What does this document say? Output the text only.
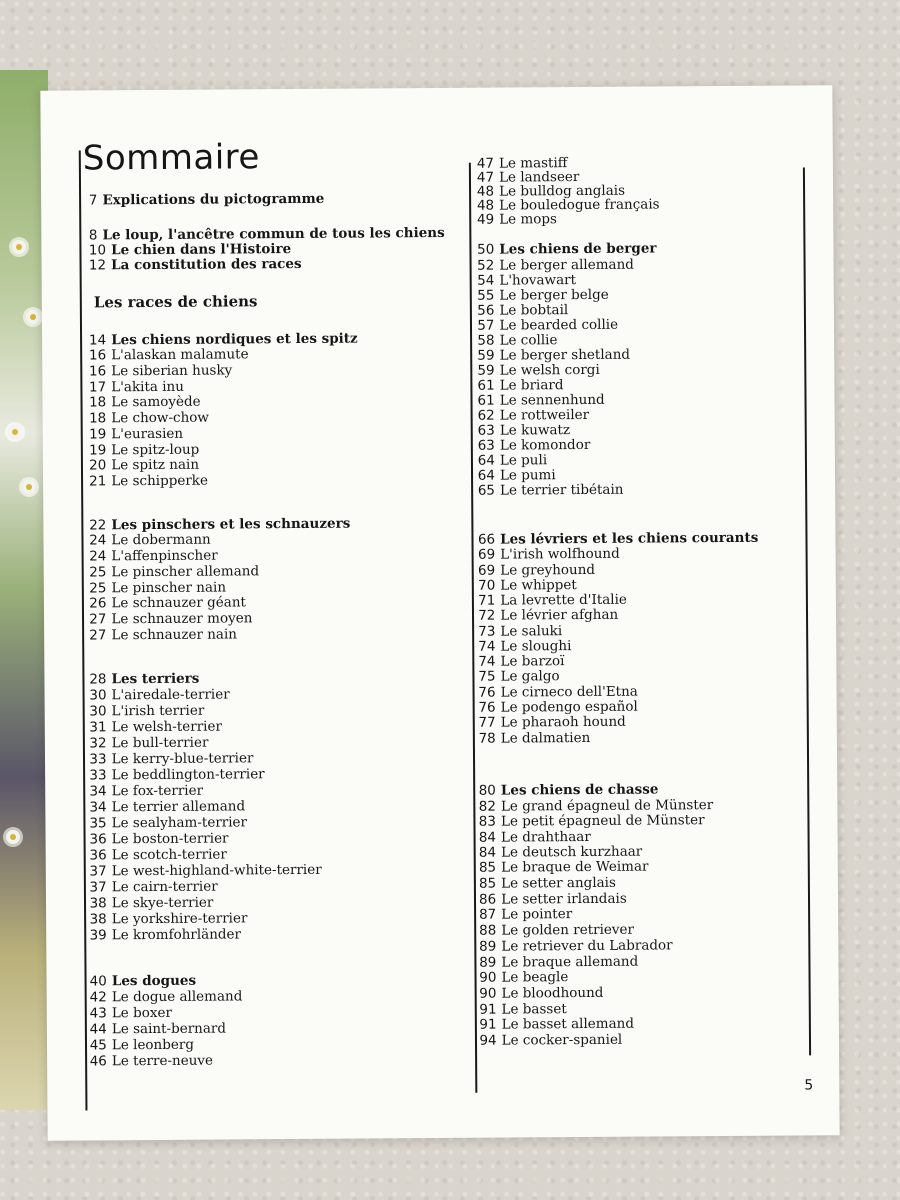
Sommaire
Les races de chiens
7 Explications du pictogramme
8 Le loup, l'ancêtre commun de tous les chiens
10 Le chien dans l'Histoire
12 La constitution des races
14 Les chiens nordiques et les spitz
16 L'alaskan malamute
16 Le siberian husky
17 L'akita inu
18 Le samoyède
18 Le chow-chow
19 L'eurasien
19 Le spitz-loup
20 Le spitz nain
21 Le schipperke
22 Les pinschers et les schnauzers
24 Le dobermann
24 L'affenpinscher
25 Le pinscher allemand
25 Le pinscher nain
26 Le schnauzer géant
27 Le schnauzer moyen
27 Le schnauzer nain
28 Les terriers
30 L'airedale-terrier
30 L'irish terrier
31 Le welsh-terrier
32 Le bull-terrier
33 Le kerry-blue-terrier
33 Le beddlington-terrier
34 Le fox-terrier
34 Le terrier allemand
35 Le sealyham-terrier
36 Le boston-terrier
36 Le scotch-terrier
37 Le west-highland-white-terrier
37 Le cairn-terrier
38 Le skye-terrier
38 Le yorkshire-terrier
39 Le kromfohrländer
40 Les dogues
42 Le dogue allemand
43 Le boxer
44 Le saint-bernard
45 Le leonberg
46 Le terre-neuve
47 Le mastiff
47 Le landseer
48 Le bulldog anglais
48 Le bouledogue français
49 Le mops
50 Les chiens de berger
52 Le berger allemand
54 L'hovawart
55 Le berger belge
56 Le bobtail
57 Le bearded collie
58 Le collie
59 Le berger shetland
59 Le welsh corgi
61 Le briard
61 Le sennenhund
62 Le rottweiler
63 Le kuwatz
63 Le komondor
64 Le puli
64 Le pumi
65 Le terrier tibétain
66 Les lévriers et les chiens courants
69 L'irish wolfhound
69 Le greyhound
70 Le whippet
71 La levrette d'Italie
72 Le lévrier afghan
73 Le saluki
74 Le sloughi
74 Le barzoï
75 Le galgo
76 Le cirneco dell'Etna
76 Le podengo español
77 Le pharaoh hound
78 Le dalmatien
80 Les chiens de chasse
82 Le grand épagneul de Münster
83 Le petit épagneul de Münster
84 Le drahthaar
84 Le deutsch kurzhaar
85 Le braque de Weimar
85 Le setter anglais
86 Le setter irlandais
87 Le pointer
88 Le golden retriever
89 Le retriever du Labrador
89 Le braque allemand
90 Le beagle
90 Le bloodhound
91 Le basset
91 Le basset allemand
94 Le cocker-spaniel
5
